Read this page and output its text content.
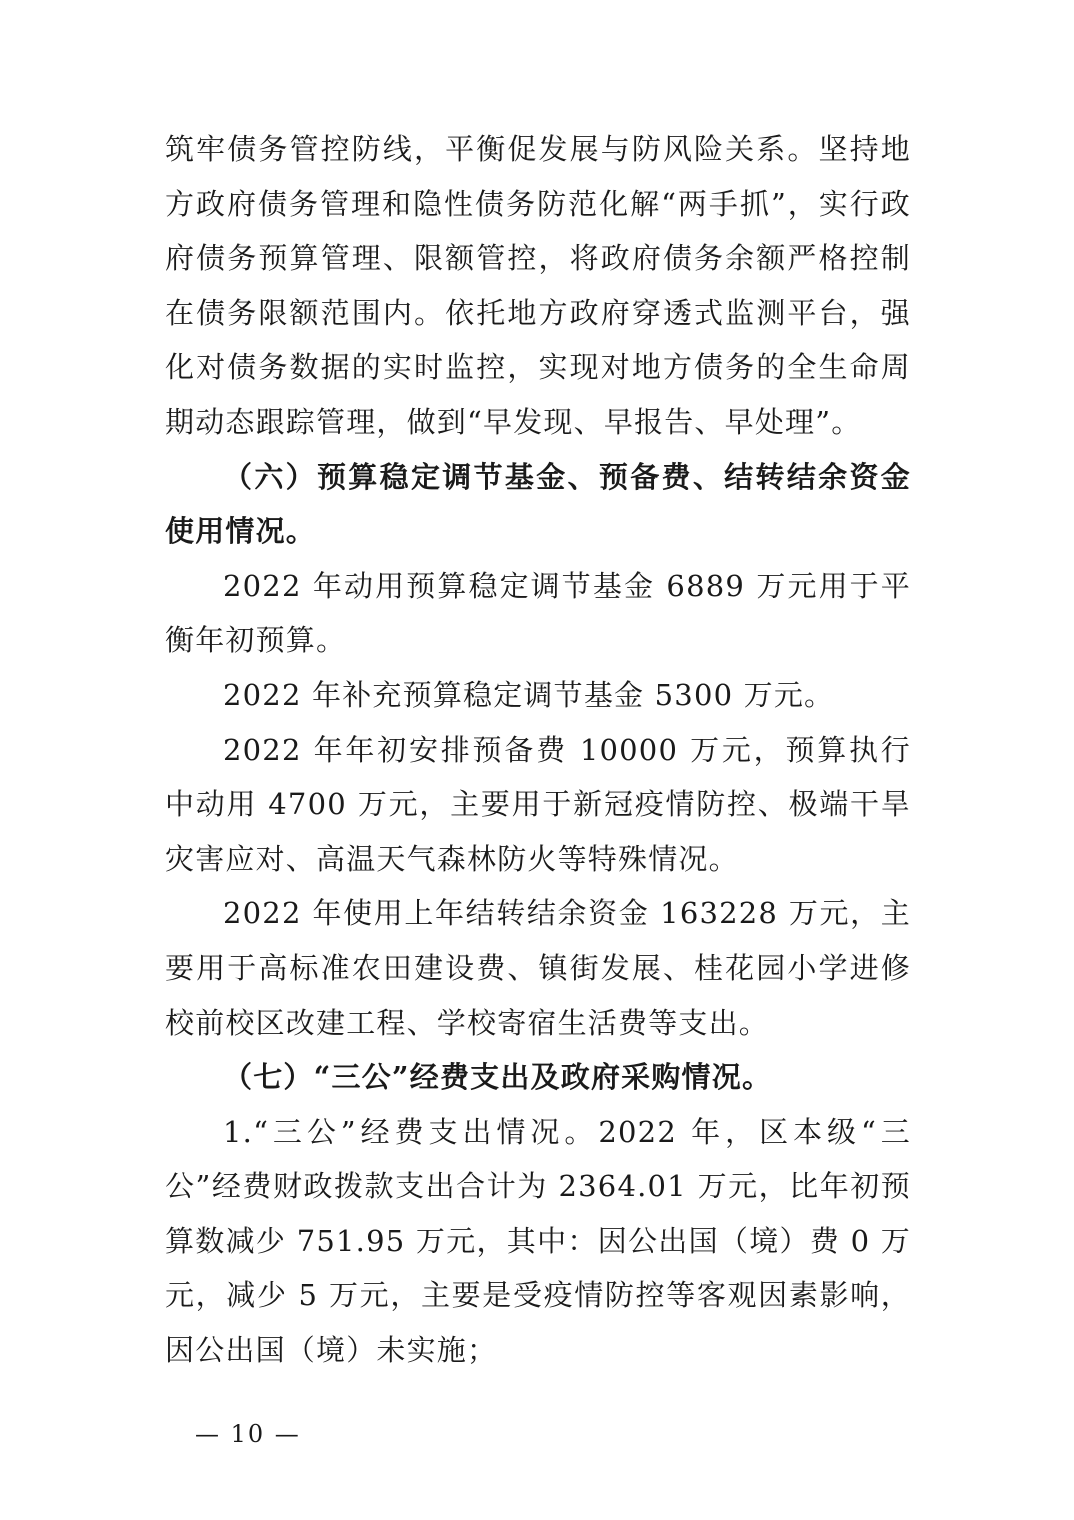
筑牢债务管控防线，平衡促发展与防风险关系。坚持地方政府债务管理和隐性债务防范化解“两手抓”，实行政府债务预算管理、限额管控，将政府债务余额严格控制在债务限额范围内。依托地方政府穿透式监测平台，强化对债务数据的实时监控，实现对地方债务的全生命周期动态跟踪管理，做到“早发现、早报告、早处理”。

（六）预算稳定调节基金、预备费、结转结余资金使用情况。

2022 年动用预算稳定调节基金 6889 万元用于平衡年初预算。

2022 年补充预算稳定调节基金 5300 万元。

2022 年年初安排预备费 10000 万元，预算执行中动用 4700 万元，主要用于新冠疫情防控、极端干旱灾害应对、高温天气森林防火等特殊情况。

2022 年使用上年结转结余资金 163228 万元，主要用于高标准农田建设费、镇街发展、桂花园小学进修校前校区改建工程、学校寄宿生活费等支出。

（七）“三公”经费支出及政府采购情况。

1.“三公”经费支出情况。2022 年，区本级“三公”经费财政拨款支出合计为 2364.01 万元，比年初预算数减少 751.95 万元，其中：因公出国（境）费 0 万元，减少 5 万元，主要是受疫情防控等客观因素影响，因公出国（境）未实施；

— 10 —
